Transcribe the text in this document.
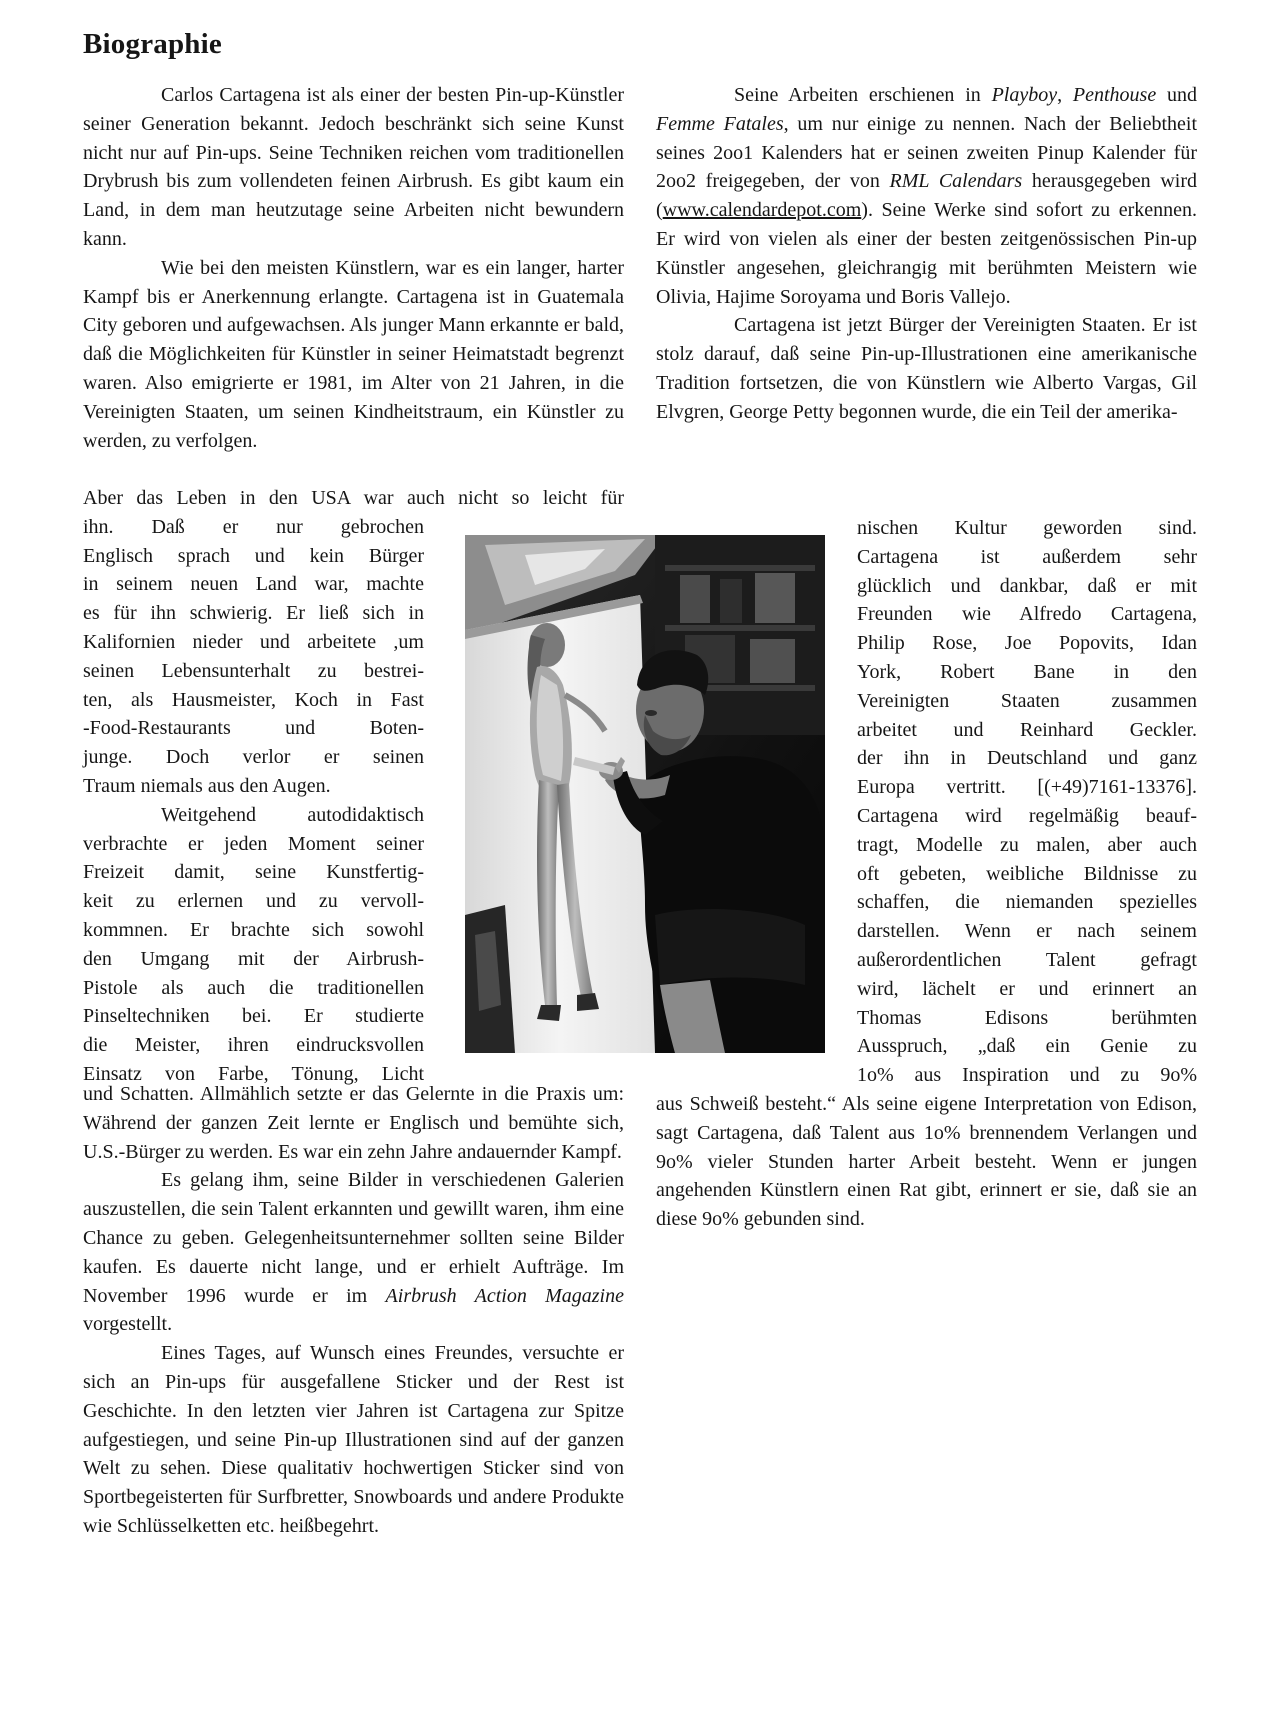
Biographie

Carlos Cartagena ist als einer der besten Pin-up-Künstler seiner Generation bekannt. Jedoch beschränkt sich seine Kunst nicht nur auf Pin-ups. Seine Techniken reichen vom traditionellen Drybrush bis zum vollendeten feinen Airbrush. Es gibt kaum ein Land, in dem man heutzutage seine Arbeiten nicht bewundern kann.

Wie bei den meisten Künstlern, war es ein langer, harter Kampf bis er Anerkennung erlangte. Cartagena ist in Guatemala City geboren und aufgewachsen. Als junger Mann erkannte er bald, daß die Möglichkeiten für Künstler in seiner Heimatstadt begrenzt waren. Also emigrierte er 1981, im Alter von 21 Jahren, in die Vereinigten Staaten, um seinen Kindheitstraum, ein Künstler zu werden, zu verfolgen.

Aber das Leben in den USA war auch nicht so leicht für
ihn. Daß er nur gebrochen
Englisch sprach und kein Bürger
in seinem neuen Land war, machte
es für ihn schwierig. Er ließ sich in
Kalifornien nieder und arbeitete ,um
seinen Lebensunterhalt zu bestrei-
ten, als Hausmeister, Koch in Fast
-Food-Restaurants und Boten-
junge. Doch verlor er seinen
Traum niemals aus den Augen.
Weitgehend autodidaktisch
verbrachte er jeden Moment seiner
Freizeit damit, seine Kunstfertig-
keit zu erlernen und zu vervoll-
kommnen. Er brachte sich sowohl
den Umgang mit der Airbrush-
Pistole als auch die traditionellen
Pinseltechniken bei. Er studierte
die Meister, ihren eindrucksvollen
Einsatz von Farbe, Tönung, Licht

und Schatten. Allmählich setzte er das Gelernte in die Praxis um: Während der ganzen Zeit lernte er Englisch und bemühte sich, U.S.-Bürger zu werden. Es war ein zehn Jahre andauernder Kampf.

Es gelang ihm, seine Bilder in verschiedenen Galerien auszustellen, die sein Talent erkannten und gewillt waren, ihm eine Chance zu geben. Gelegenheitsunternehmer sollten seine Bilder kaufen. Es dauerte nicht lange, und er erhielt Aufträge. Im November 1996 wurde er im Airbrush Action Magazine vorgestellt.

Eines Tages, auf Wunsch eines Freundes, versuchte er sich an Pin-ups für ausgefallene Sticker und der Rest ist Geschichte. In den letzten vier Jahren ist Cartagena zur Spitze aufgestiegen, und seine Pin-up Illustrationen sind auf der ganzen Welt zu sehen. Diese qualitativ hochwertigen Sticker sind von Sportbegeisterten für Surfbretter, Snowboards und andere Produkte wie Schlüsselketten etc. heißbegehrt.

Seine Arbeiten erschienen in Playboy, Penthouse und Femme Fatales, um nur einige zu nennen. Nach der Beliebtheit seines 2oo1 Kalenders hat er seinen zweiten Pinup Kalender für 2oo2 freigegeben, der von RML Calendars herausgegeben wird (www.calendardepot.com). Seine Werke sind sofort zu erkennen. Er wird von vielen als einer der besten zeitgenössischen Pin-up Künstler angesehen, gleichrangig mit berühmten Meistern wie Olivia, Hajime Soroyama und Boris Vallejo.

Cartagena ist jetzt Bürger der Vereinigten Staaten. Er ist stolz darauf, daß seine Pin-up-Illustrationen eine amerikanische Tradition fortsetzen, die von Künstlern wie Alberto Vargas, Gil Elvgren, George Petty begonnen wurde, die ein Teil der amerika-

nischen Kultur geworden sind.
Cartagena ist außerdem sehr
glücklich und dankbar, daß er mit
Freunden wie Alfredo Cartagena,
Philip Rose, Joe Popovits, Idan
York, Robert Bane in den
Vereinigten Staaten zusammen
arbeitet und Reinhard Geckler.
der ihn in Deutschland und ganz
Europa vertritt. [(+49)7161-13376].
Cartagena wird regelmäßig beauf-
tragt, Modelle zu malen, aber auch
oft gebeten, weibliche Bildnisse zu
schaffen, die niemanden spezielles
darstellen. Wenn er nach seinem
außerordentlichen Talent gefragt
wird, lächelt er und erinnert an
Thomas Edisons berühmten
Ausspruch, „daß ein Genie zu
1o% aus Inspiration und zu 9o%

aus Schweiß besteht.“ Als seine eigene Interpretation von Edison, sagt Cartagena, daß Talent aus 1o% brennendem Verlangen und 9o% vieler Stunden harter Arbeit besteht. Wenn er jungen angehenden Künstlern einen Rat gibt, erinnert er sie, daß sie an diese 9o% gebunden sind.
